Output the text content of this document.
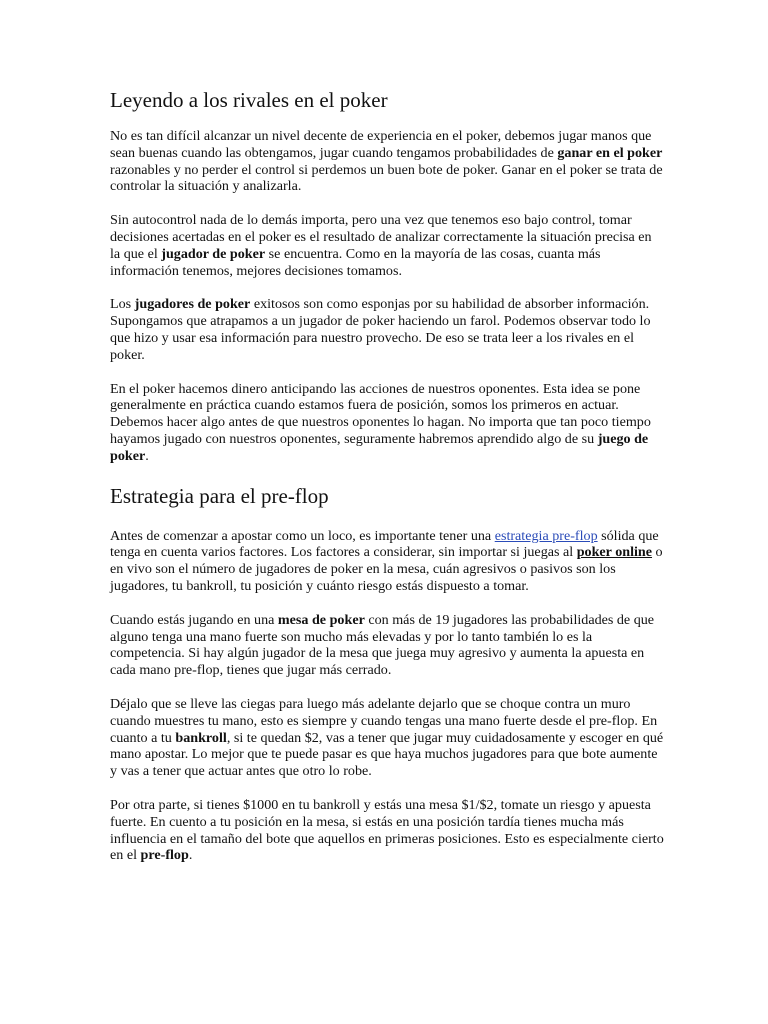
Leyendo a los rivales en el poker

No es tan difícil alcanzar un nivel decente de experiencia en el poker, debemos jugar manos que sean buenas cuando las obtengamos, jugar cuando tengamos probabilidades de ganar en el poker razonables y no perder el control si perdemos un buen bote de poker. Ganar en el poker se trata de controlar la situación y analizarla.

Sin autocontrol nada de lo demás importa, pero una vez que tenemos eso bajo control, tomar decisiones acertadas en el poker es el resultado de analizar correctamente la situación precisa en la que el jugador de poker se encuentra. Como en la mayoría de las cosas, cuanta más información tenemos, mejores decisiones tomamos.

Los jugadores de poker exitosos son como esponjas por su habilidad de absorber información. Supongamos que atrapamos a un jugador de poker haciendo un farol. Podemos observar todo lo que hizo y usar esa información para nuestro provecho. De eso se trata leer a los rivales en el poker.

En el poker hacemos dinero anticipando las acciones de nuestros oponentes. Esta idea se pone generalmente en práctica cuando estamos fuera de posición, somos los primeros en actuar. Debemos hacer algo antes de que nuestros oponentes lo hagan. No importa que tan poco tiempo hayamos jugado con nuestros oponentes, seguramente habremos aprendido algo de su juego de poker.

Estrategia para el pre-flop

Antes de comenzar a apostar como un loco, es importante tener una estrategia pre-flop sólida que tenga en cuenta varios factores. Los factores a considerar, sin importar si juegas al poker online o en vivo son el número de jugadores de poker en la mesa, cuán agresivos o pasivos son los jugadores, tu bankroll, tu posición y cuánto riesgo estás dispuesto a tomar.

Cuando estás jugando en una mesa de poker con más de 19 jugadores las probabilidades de que alguno tenga una mano fuerte son mucho más elevadas y por lo tanto también lo es la competencia. Si hay algún jugador de la mesa que juega muy agresivo y aumenta la apuesta en cada mano pre-flop, tienes que jugar más cerrado.

Déjalo que se lleve las ciegas para luego más adelante dejarlo que se choque contra un muro cuando muestres tu mano, esto es siempre y cuando tengas una mano fuerte desde el pre-flop. En cuanto a tu bankroll, si te quedan $2, vas a tener que jugar muy cuidadosamente y escoger en qué mano apostar. Lo mejor que te puede pasar es que haya muchos jugadores para que bote aumente y vas a tener que actuar antes que otro lo robe.

Por otra parte, si tienes $1000 en tu bankroll y estás una mesa $1/$2, tomate un riesgo y apuesta fuerte. En cuento a tu posición en la mesa, si estás en una posición tardía tienes mucha más influencia en el tamaño del bote que aquellos en primeras posiciones. Esto es especialmente cierto en el pre-flop.
